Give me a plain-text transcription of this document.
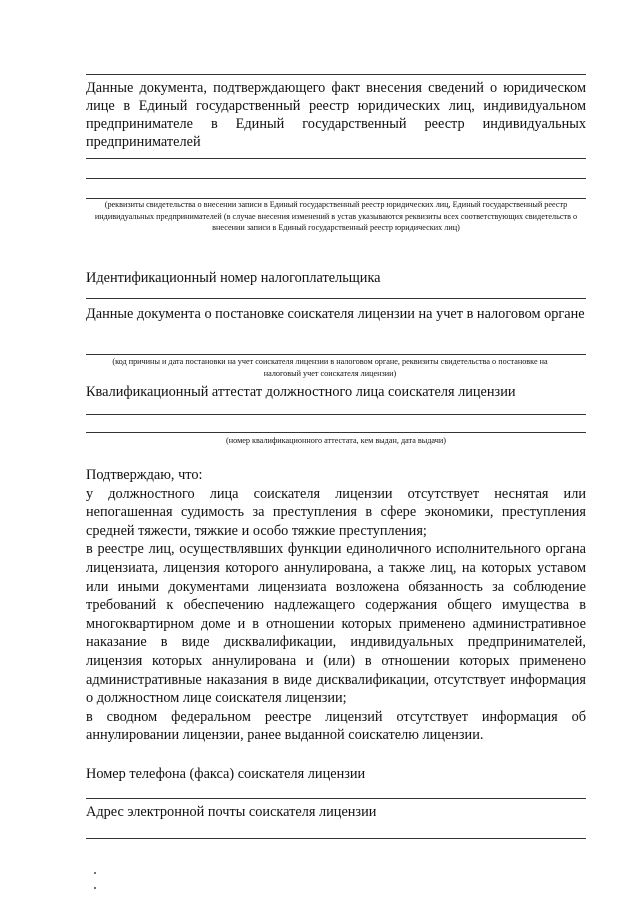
Данные документа, подтверждающего факт внесения сведений о юридическом лице в Единый государственный реестр юридических лиц, индивидуальном предпринимателе в Единый государственный реестр индивидуальных предпринимателей

(реквизиты свидетельства о внесении записи в Единый государственный реестр юридических лиц, Единый государственный реестр индивидуальных предпринимателей (в случае внесения изменений в устав указываются реквизиты всех соответствующих свидетельств о внесении записи в Единый государственный реестр юридических лиц)

Идентификационный номер налогоплательщика

Данные документа о постановке соискателя лицензии на учет в налоговом органе

(код причины и дата постановки на учет соискателя лицензии в налоговом органе, реквизиты свидетельства о постановке на налоговый учет соискателя лицензии)

Квалификационный аттестат должностного лица соискателя лицензии

(номер квалификационного аттестата, кем выдан, дата выдачи)

Подтверждаю, что:

у должностного лица соискателя лицензии отсутствует неснятая или непогашенная судимость за преступления в сфере экономики, преступления средней тяжести, тяжкие и особо тяжкие преступления;

в реестре лиц, осуществлявших функции единоличного исполнительного органа лицензиата, лицензия которого аннулирована, а также лиц, на которых уставом или иными документами лицензиата возложена обязанность за соблюдение требований к обеспечению надлежащего содержания общего имущества в многоквартирном доме и в отношении которых применено административное наказание в виде дисквалификации, индивидуальных предпринимателей, лицензия которых аннулирована и (или) в отношении которых применено административные наказания в виде дисквалификации, отсутствует информация о должностном лице соискателя лицензии;

в сводном федеральном реестре лицензий отсутствует информация об аннулировании лицензии, ранее выданной соискателю лицензии.

Номер телефона (факса) соискателя лицензии

Адрес электронной почты соискателя лицензии
